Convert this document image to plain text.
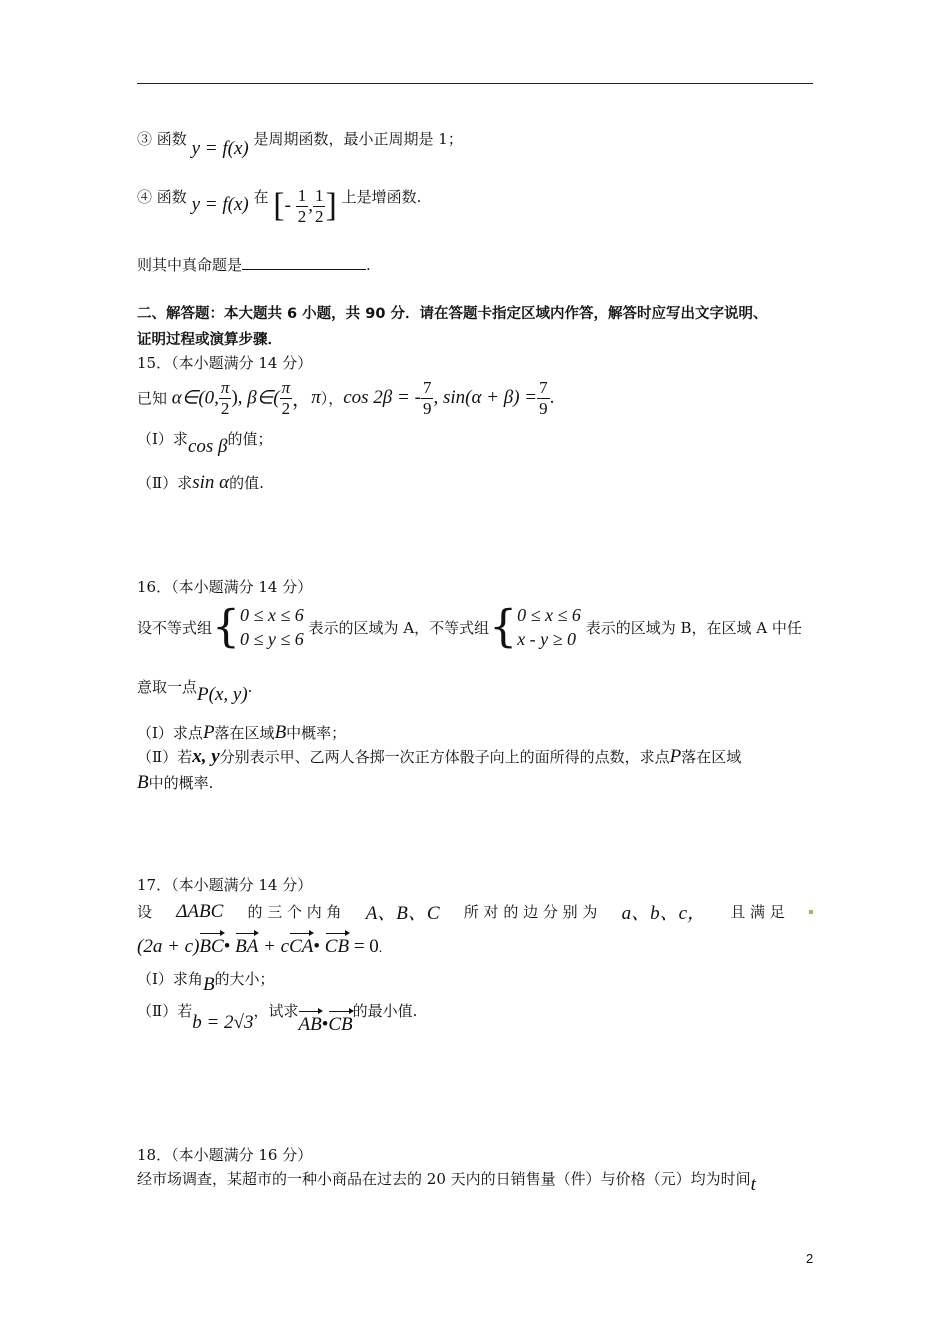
③ 函数 y = f(x) 是周期函数，最小正周期是 1；
④ 函数 y = f(x) 在 [- $\frac{1}{2}$ , $\frac{1}{2}$ ] 上是增函数.
则其中真命题是	.
二、解答题：本大题共 6 小题，共 90 分．请在答题卡指定区域内作答，解答时应写出文字说明、
证明过程或演算步骤．
15．（本小题满分 14 分）
已知 α∈(0, $\frac{\pi}{2}$ ), β∈( $\frac{\pi}{2}$ ，π），cos 2β = - $\frac{7}{9}$ , $\sin(\alpha + \beta) = \frac{7}{9}$ .
（Ⅰ）求cos β的值；
（Ⅱ）求sin α的值.
16．（本小题满分 14 分）
设不等式组{ 0 ≤ x ≤ 6
0 ≤ y ≤ 6
表示的区域为 A，不等式组{ 0 ≤ x ≤ 6
x - y ≥ 0
表示的区域为 B，在区域 A 中任
意取一点P(x, y).
（Ⅰ）求点P落在区域B中概率；
（Ⅱ）若x, y分别表示甲、乙两人各掷一次正方体骰子向上的面所得的点数，求点P落在区域
B中的概率.
17．（本小题满分 14 分）
设 ΔABC 的 三 个 内 角 A、B、C 所 对 的 边 分 别 为 a、b、c， 且 满 足
(2a + c)BC• BA + cCA• CB = 0.
（Ⅰ）求角B的大小；
（Ⅱ）若b = 2√3，试求AB•CB的最小值.
18．（本小题满分 16 分）
经市场调查，某超市的一种小商品在过去的 20 天内的日销售量（件）与价格（元）均为时间t
2
